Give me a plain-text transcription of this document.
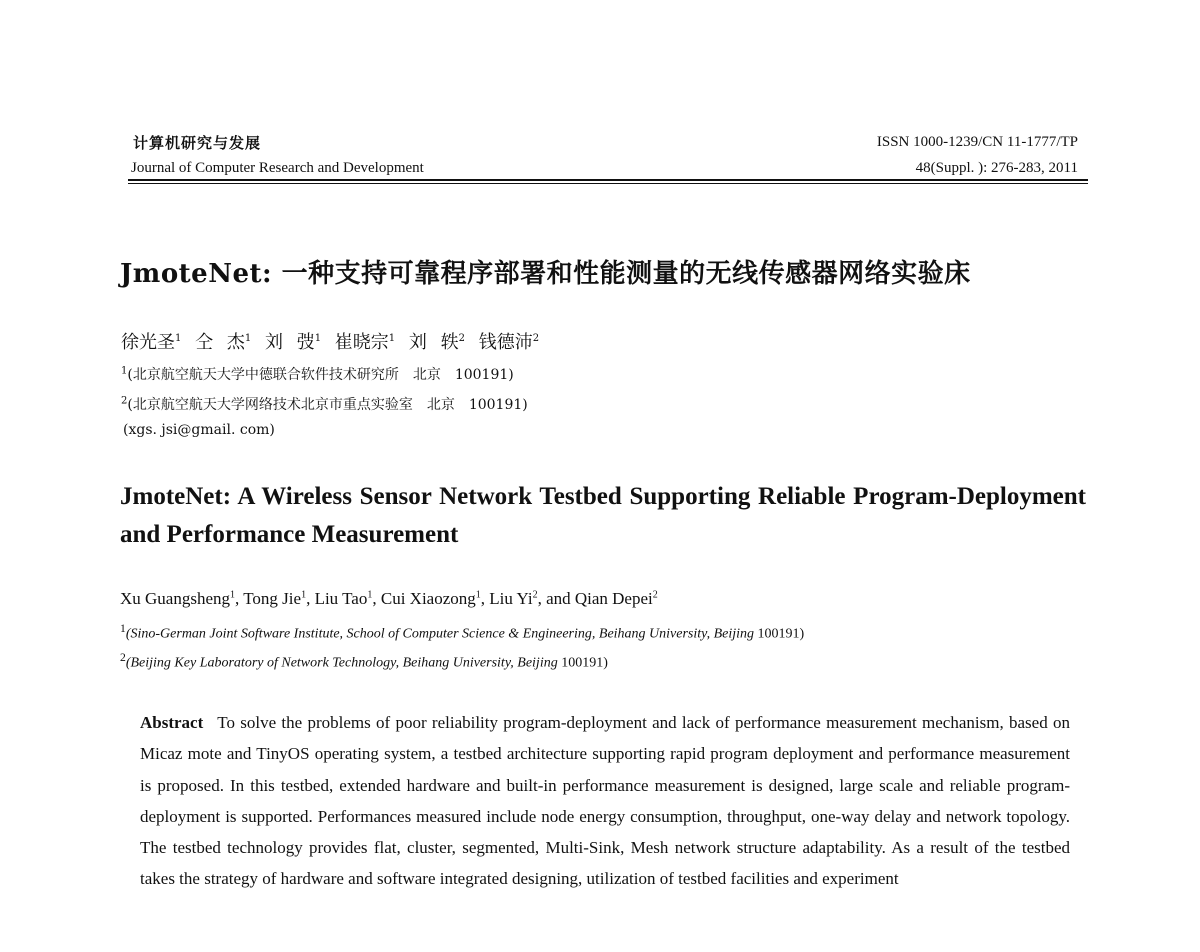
计算机研究与发展
Journal of Computer Research and Development
ISSN 1000-1239/CN 11-1777/TP
48(Suppl. ): 276-283, 2011
JmoteNet: 一种支持可靠程序部署和性能测量的无线传感器网络实验床
徐光圣$^1$ 仝 杰$^1$ 刘 弢$^1$ 崔晓宗$^1$ 刘 轶$^2$ 钱德沛$^2$
$^1$(北京航空航天大学中德联合软件技术研究所　北京　100191)
$^2$(北京航空航天大学网络技术北京市重点实验室　北京　100191)
(xgs. jsi@gmail. com)
JmoteNet: A Wireless Sensor Network Testbed Supporting Reliable Program-Deployment and Performance Measurement
Xu Guangsheng$^1$, Tong Jie$^1$, Liu Tao$^1$, Cui Xiaozong$^1$, Liu Yi$^2$, and Qian Depei$^2$
$^1$(Sino-German Joint Software Institute, School of Computer Science & Engineering, Beihang University, Beijing 100191)
$^2$(Beijing Key Laboratory of Network Technology, Beihang University, Beijing 100191)
Abstract To solve the problems of poor reliability program-deployment and lack of performance measurement mechanism, based on Micaz mote and TinyOS operating system, a testbed architecture supporting rapid program deployment and performance measurement is proposed. In this testbed, extended hardware and built-in performance measurement is designed, large scale and reliable program-deployment is supported. Performances measured include node energy consumption, throughput, one-way delay and network topology. The testbed technology provides flat, cluster, segmented, Multi-Sink, Mesh network structure adaptability. As a result of the testbed takes the strategy of hardware and software integrated designing, utilization of testbed facilities and experiment
